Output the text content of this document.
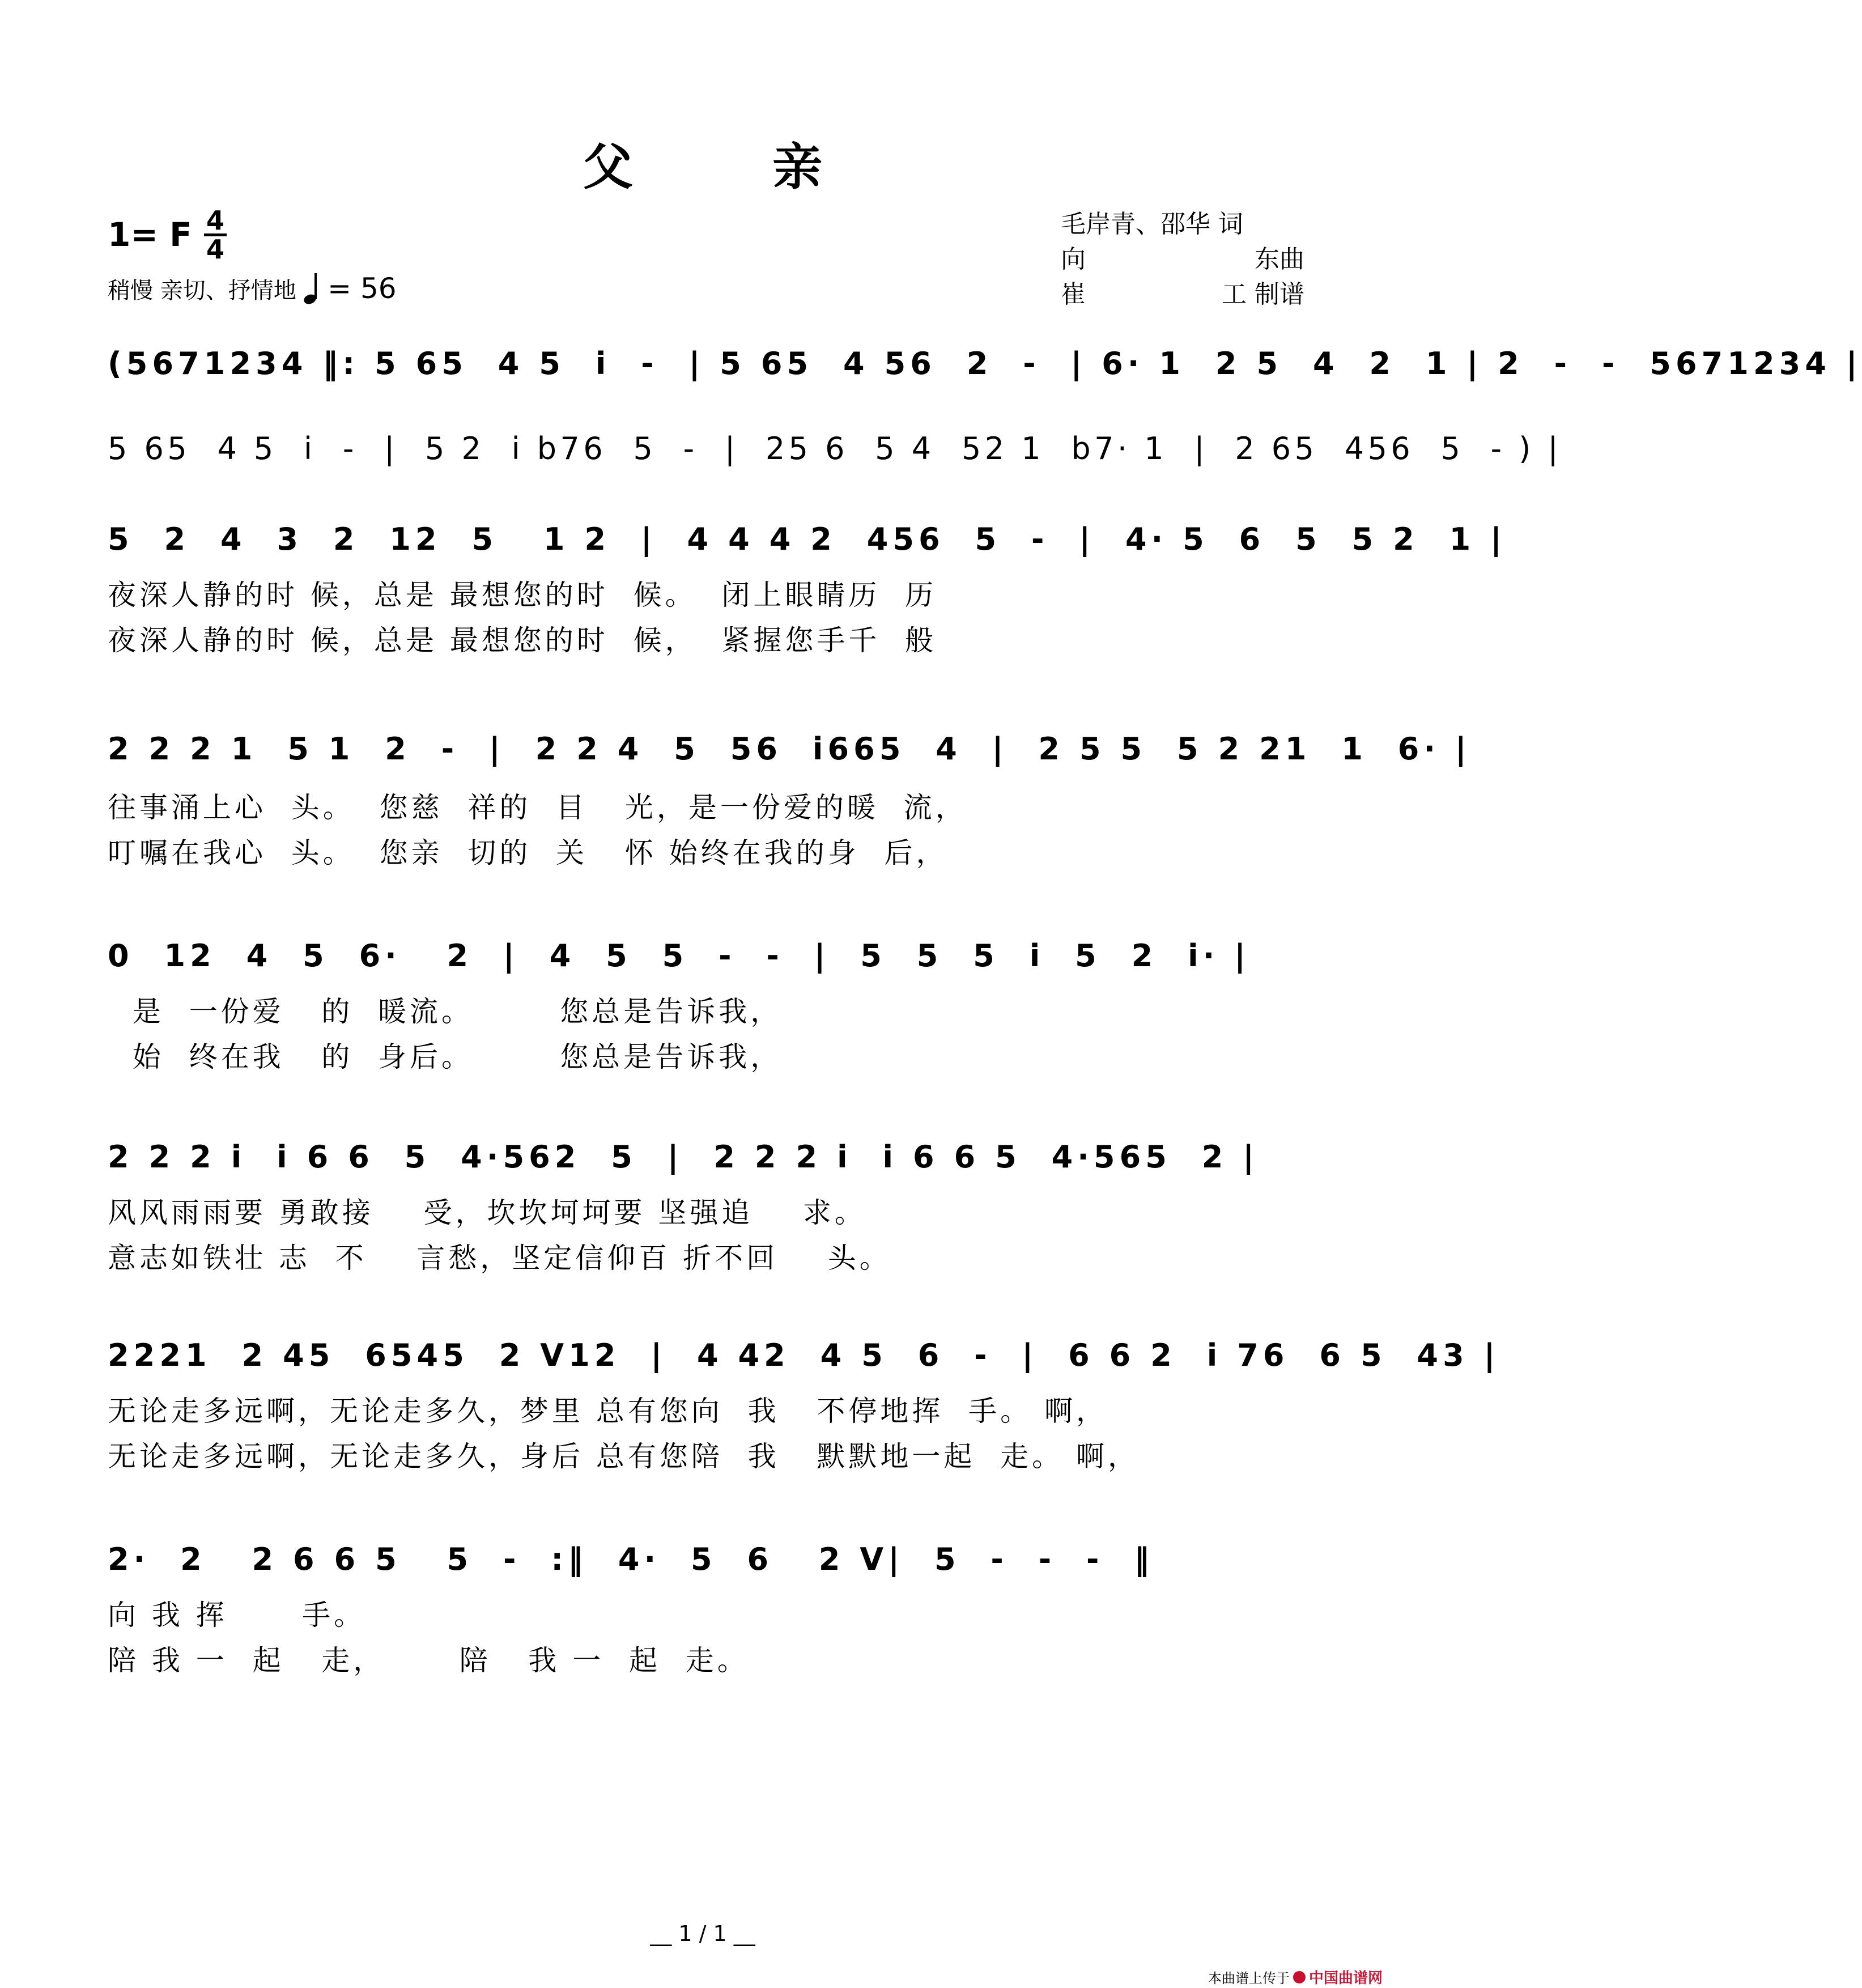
父　亲
1= F 4
4
稍慢 亲切、抒情地 = 56
毛岸青、邵华 词
向	东曲
崔	工 制谱
(5671234 ‖: 5 65  4 5  i  -  | 5 65  4 56  2  -  | 6· 1  2 5  4  2  1 | 2  -  -  5671234 |
5 65  4 5  i  -  |  5 2  i b76  5  -  |  25 6  5 4  52 1  b7· 1  |  2 65  456  5  - ) |
5  2  4  3  2  12  5   1 2  |  4 4 4 2  456  5  -  |  4· 5  6  5  5 2  1 |
夜深人静的时 候，总是 最想您的时  候。  闭上眼睛历  历
夜深人静的时 候，总是 最想您的时  候，  紧握您手千  般
2 2 2 1  5 1  2  -  |  2 2 4  5  56  i665  4  |  2 5 5  5 2 21  1  6· |
往事涌上心  头。  您慈  祥的  目   光，是一份爱的暖  流，
叮嘱在我心  头。  您亲  切的  关   怀 始终在我的身  后，
0  12  4  5  6·   2  |  4  5  5  -  -  |  5  5  5  i  5  2  i· |
是  一份爱   的  暖流。       您总是告诉我，
始  终在我   的  身后。       您总是告诉我，
2 2 2 i  i 6 6  5  4·562  5  |  2 2 2 i  i 6 6 5  4·565  2 |
风风雨雨要 勇敢接    受，坎坎坷坷要 坚强追    求。
意志如铁壮 志  不    言愁，坚定信仰百 折不回    头。
2221  2 45  6545  2 V12  |  4 42  4 5  6  -  |  6 6 2  i 76  6 5  43 |
无论走多远啊，无论走多久，梦里 总有您向  我   不停地挥  手。 啊，
无论走多远啊，无论走多久，身后 总有您陪  我   默默地一起  走。 啊，
2·  2   2 6 6 5   5  -  :‖  4·  5  6   2 V|  5  -  -  -  ‖
向 我 挥      手。
陪 我 一  起   走，      陪   我 一  起  走。
__ 1 / 1 __
本曲谱上传于 中国曲谱网
